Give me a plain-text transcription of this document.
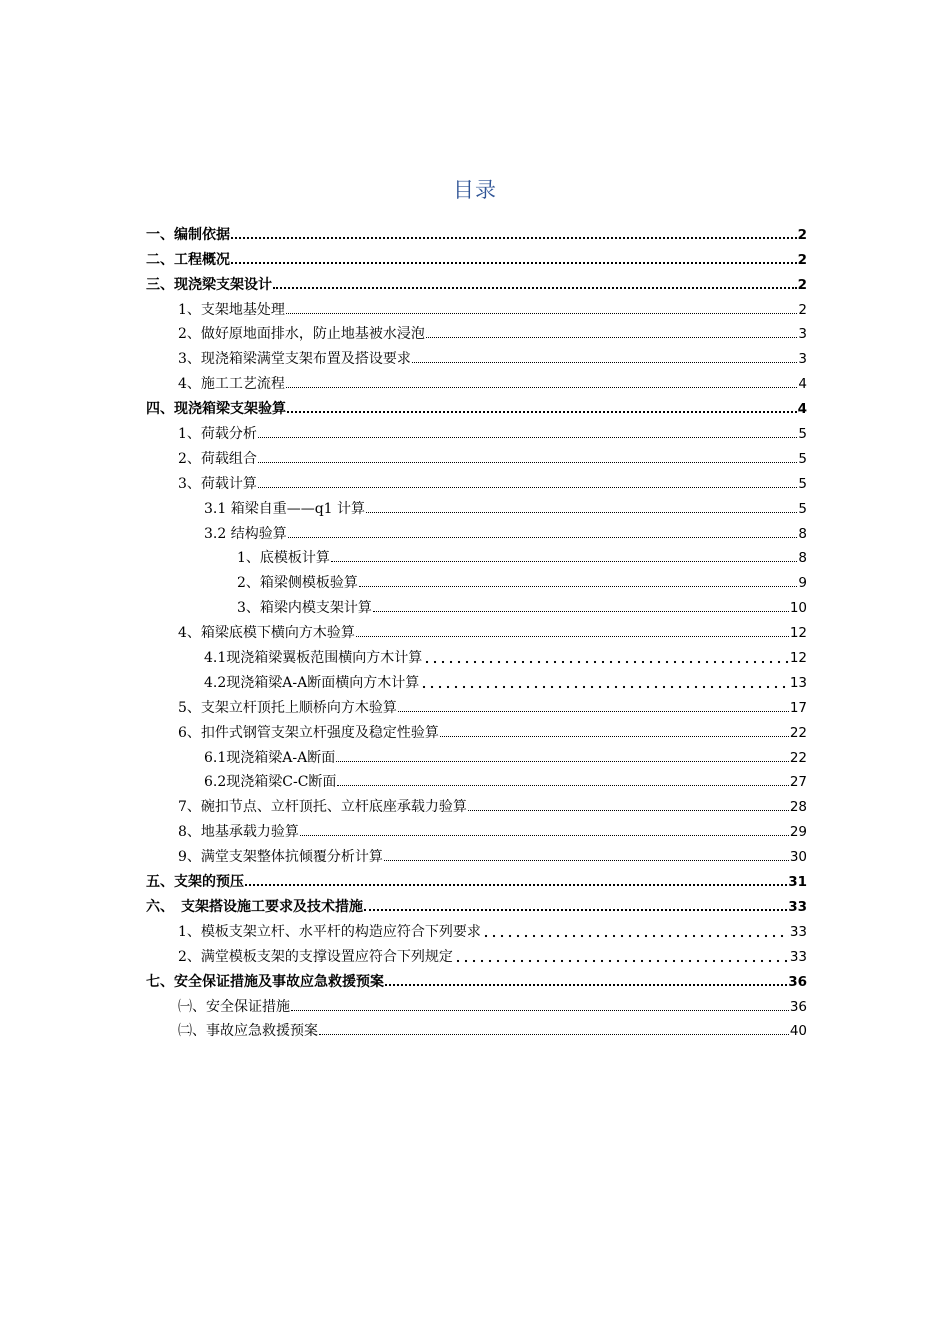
目录
一、编制依据	2
二、工程概况	2
三、现浇梁支架设计	2
1、支架地基处理	2
2、做好原地面排水，防止地基被水浸泡	3
3、现浇箱梁满堂支架布置及搭设要求	3
4、施工工艺流程	4
四、现浇箱梁支架验算	4
1、荷载分析	5
2、荷载组合	5
3、荷载计算	5
3.1 箱梁自重——q1 计算	5
3.2 结构验算	8
1、底模板计算	8
2、箱梁侧模板验算	9
3、箱梁内模支架计算	10
4、箱梁底模下横向方木验算	12
4.1现浇箱梁翼板范围横向方木计算	12
4.2现浇箱梁A-A断面横向方木计算	13
5、支架立杆顶托上顺桥向方木验算	17
6、扣件式钢管支架立杆强度及稳定性验算	22
6.1现浇箱梁A-A断面	22
6.2现浇箱梁C-C断面	27
7、碗扣节点、立杆顶托、立杆底座承载力验算	28
8、地基承载力验算	29
9、满堂支架整体抗倾覆分析计算	30
五、支架的预压	31
六、　支架搭设施工要求及技术措施	33
1、模板支架立杆、水平杆的构造应符合下列要求	33
2、满堂模板支架的支撑设置应符合下列规定	33
七、安全保证措施及事故应急救援预案	36
㈠、安全保证措施	36
㈡、事故应急救援预案	40
